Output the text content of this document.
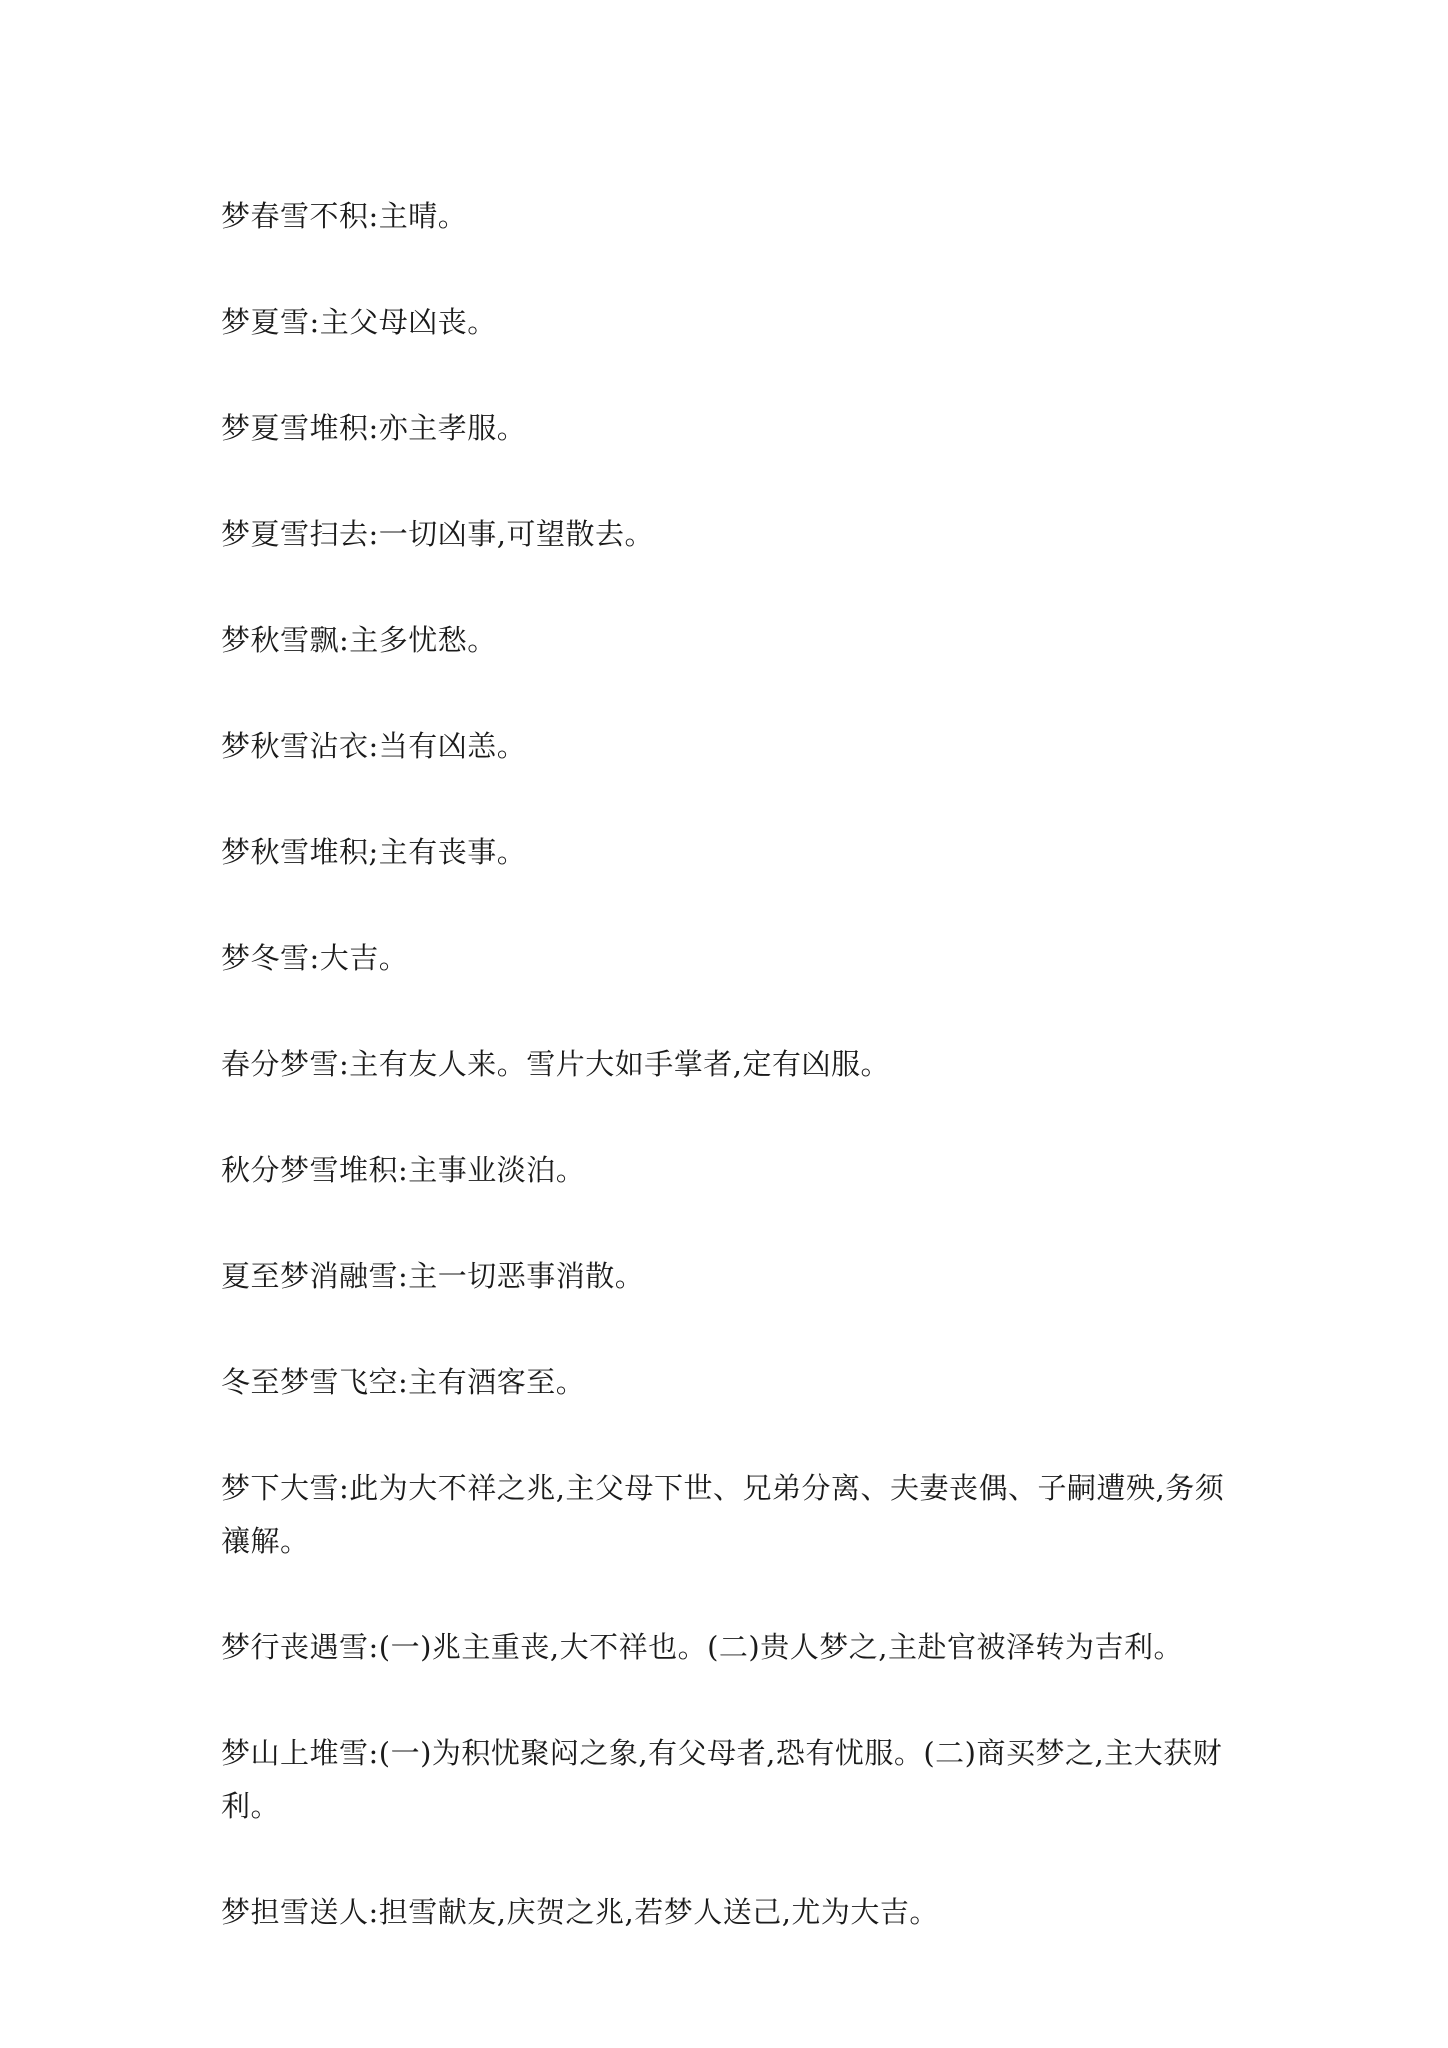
梦春雪不积:主晴。

梦夏雪:主父母凶丧。

梦夏雪堆积:亦主孝服。

梦夏雪扫去:一切凶事,可望散去。

梦秋雪飘:主多忧愁。

梦秋雪沾衣:当有凶恙。

梦秋雪堆积;主有丧事。

梦冬雪:大吉。

春分梦雪:主有友人来。雪片大如手掌者,定有凶服。

秋分梦雪堆积:主事业淡泊。

夏至梦消融雪:主一切恶事消散。

冬至梦雪飞空:主有酒客至。

梦下大雪:此为大不祥之兆,主父母下世、兄弟分离、夫妻丧偶、子嗣遭殃,务须禳解。

梦行丧遇雪:(一)兆主重丧,大不祥也。(二)贵人梦之,主赴官被泽转为吉利。

梦山上堆雪:(一)为积忧聚闷之象,有父母者,恐有忧服。(二)商买梦之,主大获财利。

梦担雪送人:担雪献友,庆贺之兆,若梦人送己,尤为大吉。
